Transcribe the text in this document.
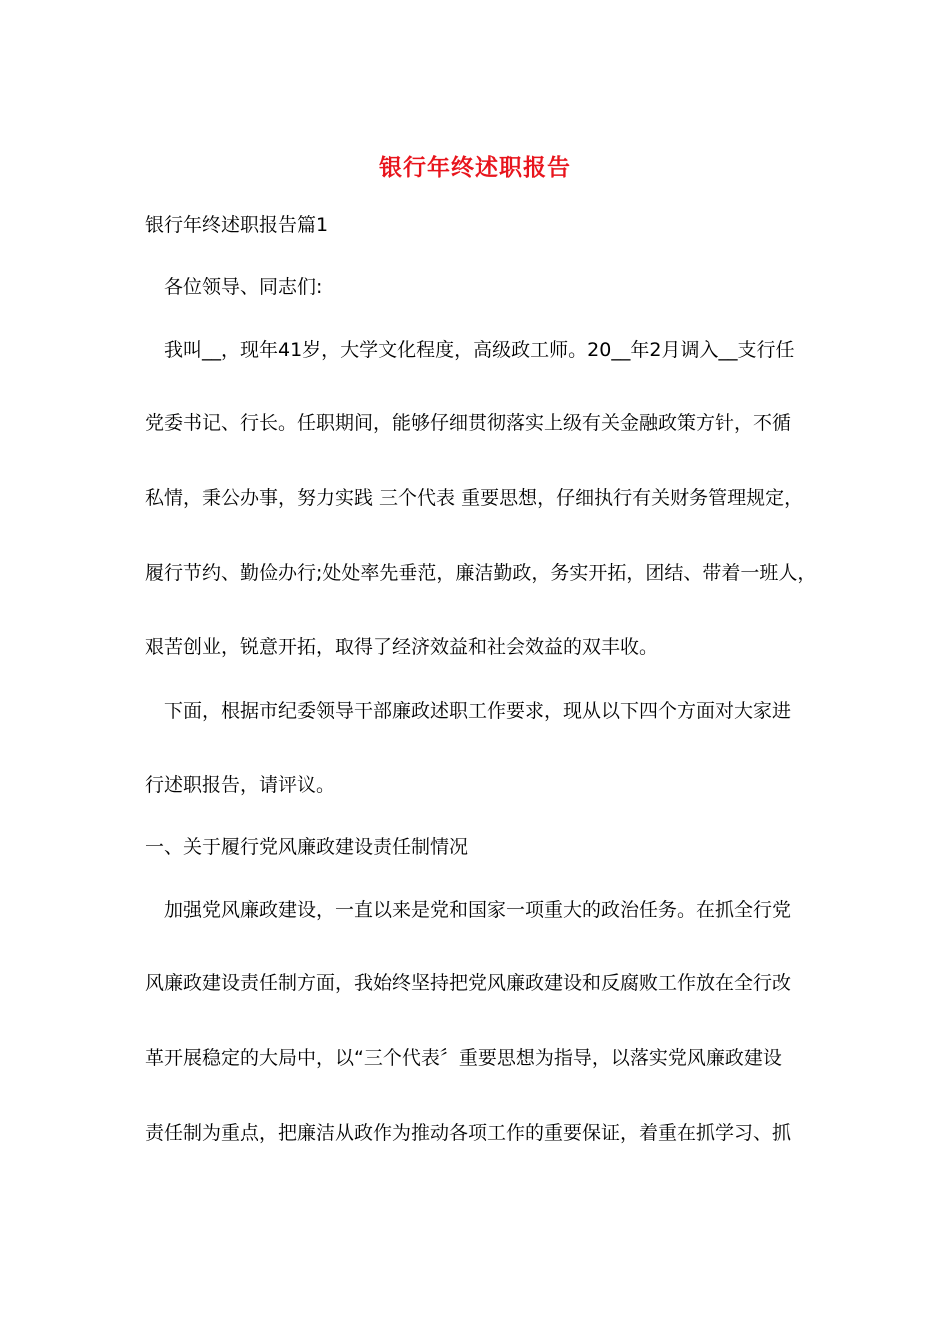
银行年终述职报告
银行年终述职报告篇1
各位领导、同志们:
我叫__，现年41岁，大学文化程度，高级政工师。20__年2月调入__支行任
党委书记、行长。任职期间，能够仔细贯彻落实上级有关金融政策方针，不循
私情，秉公办事，努力实践 三个代表 重要思想，仔细执行有关财务管理规定，
履行节约、勤俭办行;处处率先垂范，廉洁勤政，务实开拓，团结、带着一班人，
艰苦创业，锐意开拓，取得了经济效益和社会效益的双丰收。
下面，根据市纪委领导干部廉政述职工作要求，现从以下四个方面对大家进
行述职报告，请评议。
一、关于履行党风廉政建设责任制情况
加强党风廉政建设，一直以来是党和国家一项重大的政治任务。在抓全行党
风廉政建设责任制方面，我始终坚持把党风廉政建设和反腐败工作放在全行改
革开展稳定的大局中，以“三个代表〞重要思想为指导，以落实党风廉政建设
责任制为重点，把廉洁从政作为推动各项工作的重要保证，着重在抓学习、抓
